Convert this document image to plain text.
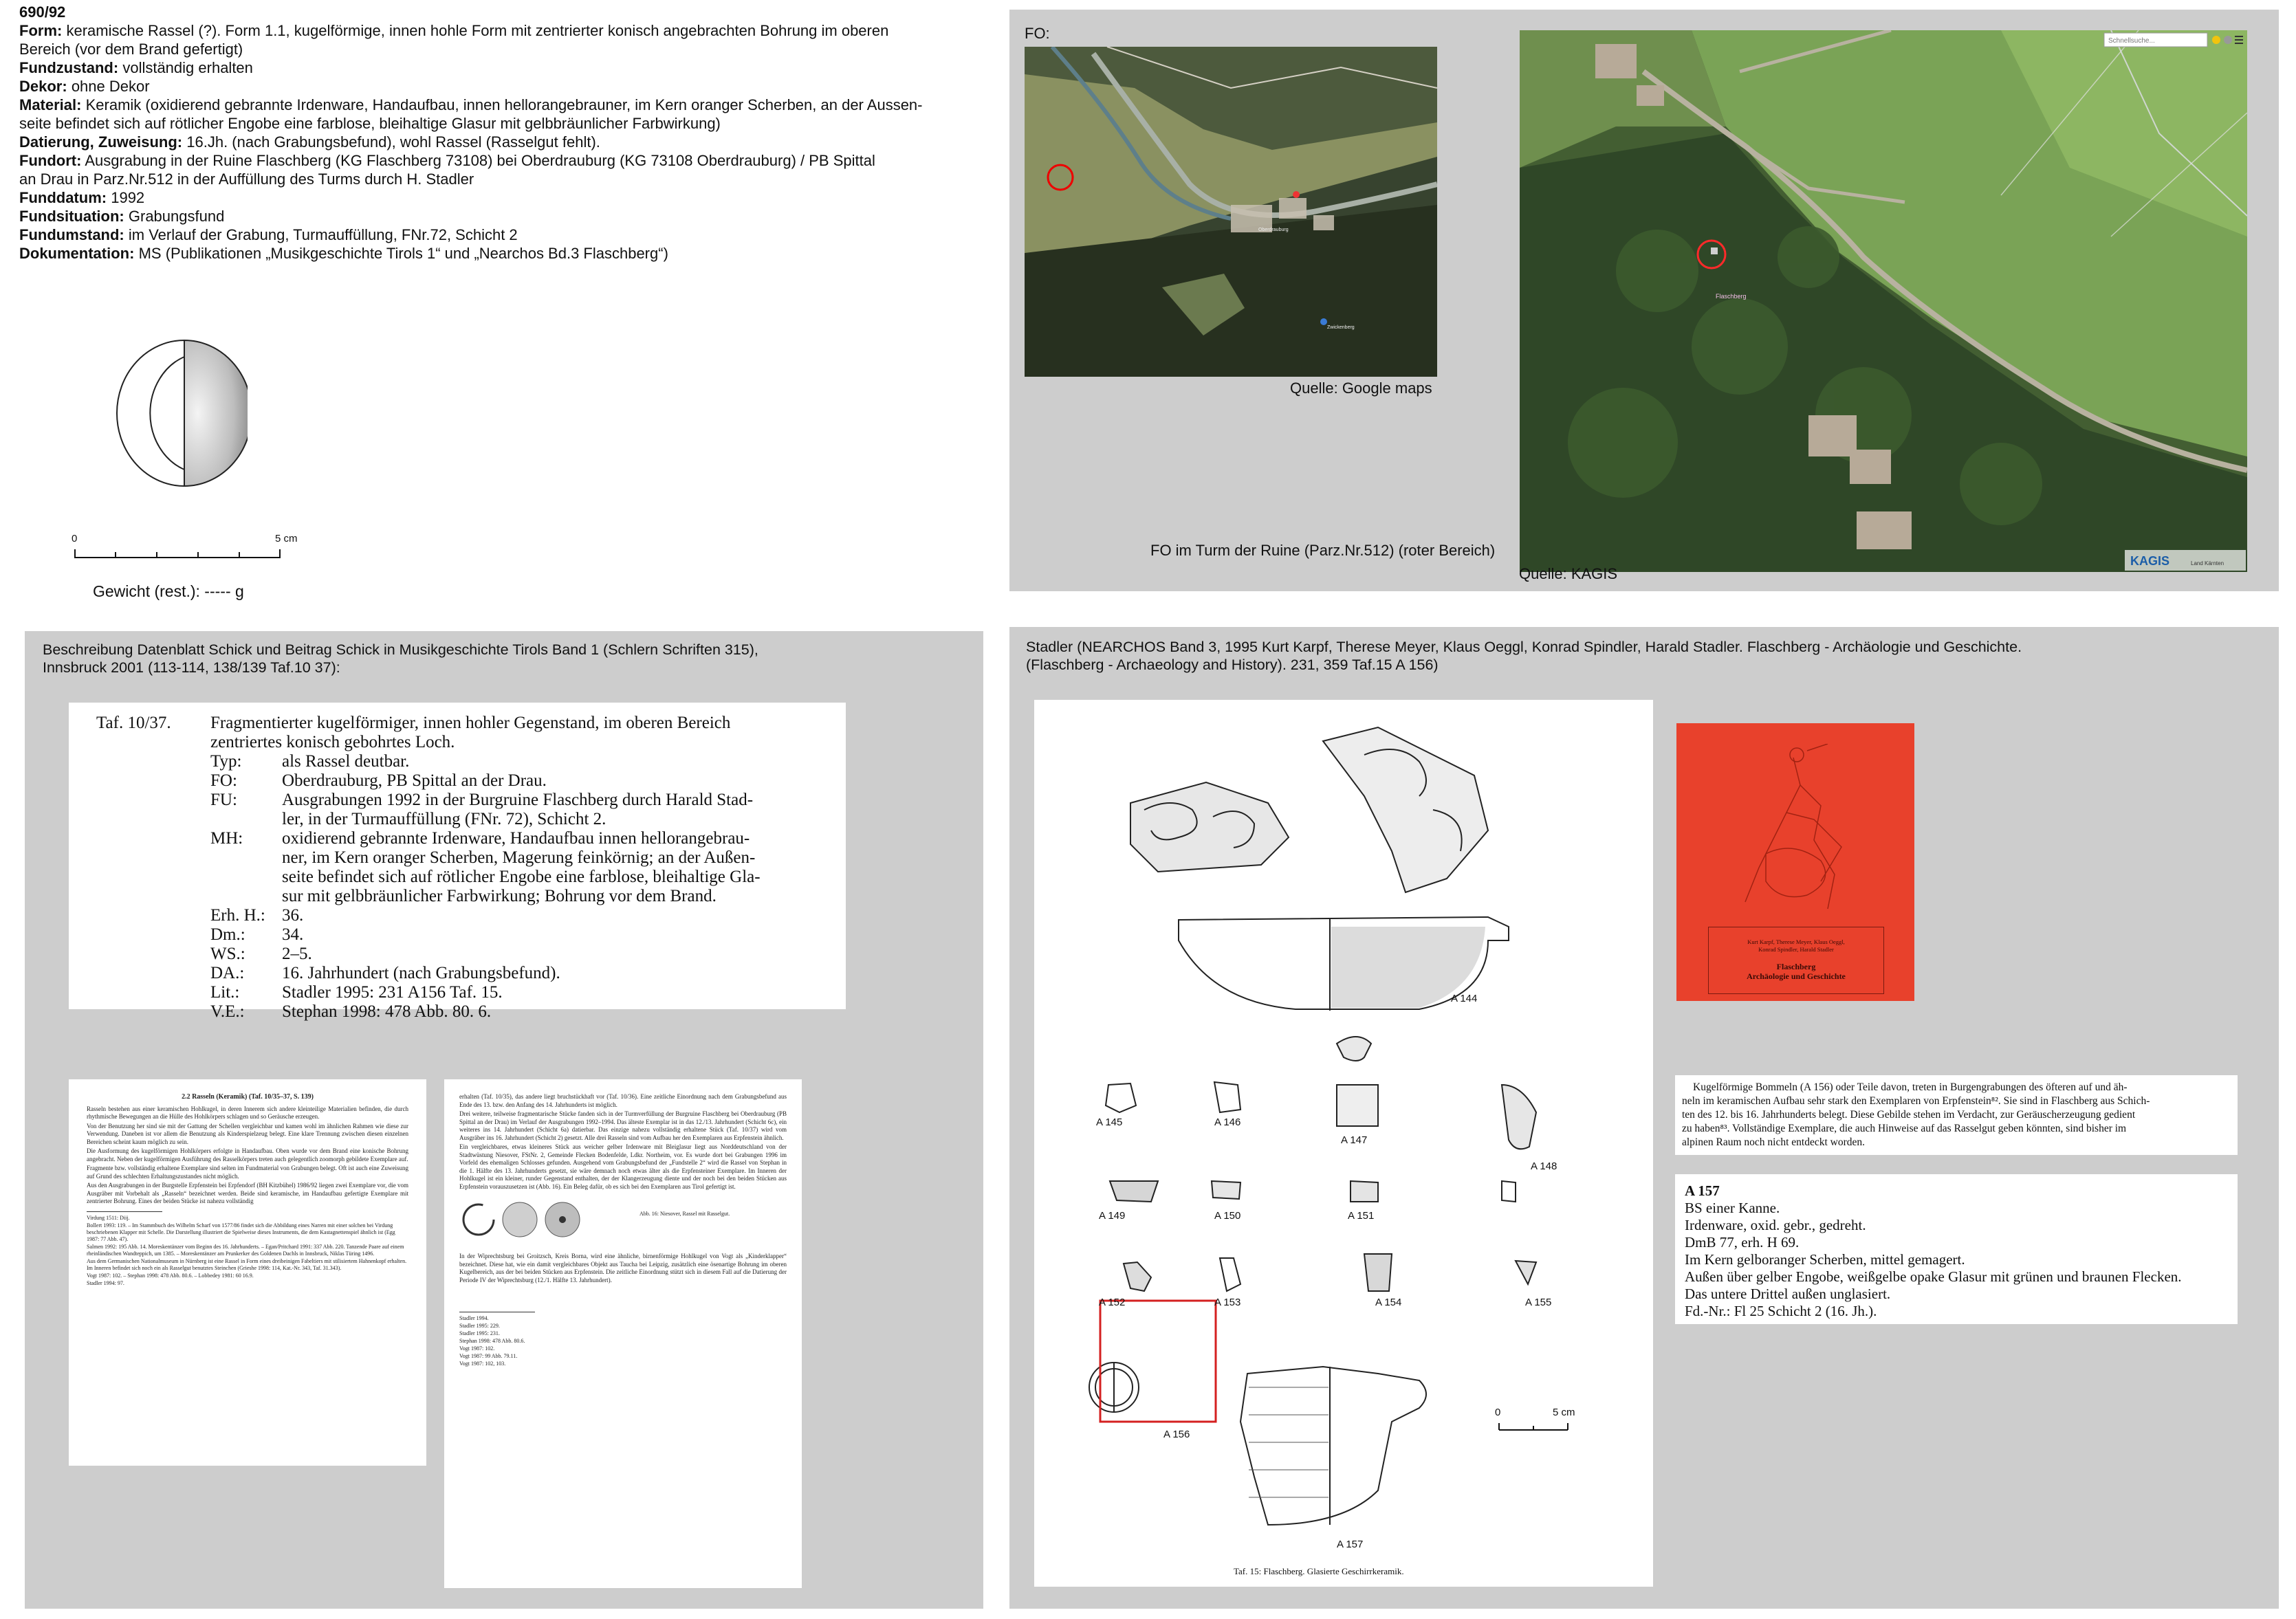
690/92
Form: keramische Rassel (?). Form 1.1, kugelförmige, innen hohle Form mit zentrierter konisch angebrachten Bohrung im oberen
Bereich (vor dem Brand gefertigt)
Fundzustand: vollständig erhalten
Dekor: ohne Dekor
Material: Keramik (oxidierend gebrannte Irdenware, Handaufbau, innen hellorangebrauner, im Kern oranger Scherben, an der Aussen-
seite befindet sich auf rötlicher Engobe eine farblose, bleihaltige Glasur mit gelbbräunlicher Farbwirkung)
Datierung, Zuweisung: 16.Jh. (nach Grabungsbefund), wohl Rassel (Rasselgut fehlt).
Fundort: Ausgrabung in der Ruine Flaschberg (KG Flaschberg 73108) bei Oberdrauburg (KG 73108 Oberdrauburg) / PB Spittal
an Drau in Parz.Nr.512 in der Auffüllung des Turms durch H. Stadler
Funddatum: 1992
Fundsituation: Grabungsfund
Fundumstand: im Verlauf der Grabung, Turmauffüllung, FNr.72, Schicht 2
Dokumentation: MS (Publikationen „Musikgeschichte Tirols 1“ und „Nearchos Bd.3 Flaschberg“)
0	5 cm
Gewicht (rest.): ----- g
FO:
Zwickenberg
Oberdrauburg
Quelle: Google maps
Flaschberg
Schnellsuche...
KAGIS	Land Kärnten
FO im Turm der Ruine (Parz.Nr.512) (roter Bereich)
Quelle: KAGIS
Beschreibung Datenblatt Schick und Beitrag Schick in Musikgeschichte Tirols Band 1 (Schlern Schriften 315),
Innsbruck 2001 (113-114, 138/139 Taf.10 37):
Taf. 10/37. Fragmentierter kugelförmiger, innen hohler Gegenstand, im oberen Bereich
zentriertes konisch gebohrtes Loch.
Typ:	als Rassel deutbar.
FO:	Oberdrauburg, PB Spittal an der Drau.
FU:	Ausgrabungen 1992 in der Burgruine Flaschberg durch Harald Stad-
ler, in der Turmauffüllung (FNr. 72), Schicht 2.
MH:	oxidierend gebrannte Irdenware, Handaufbau innen hellorangebrau-
ner, im Kern oranger Scherben, Magerung feinkörnig; an der Außen-
seite befindet sich auf rötlicher Engobe eine farblose, bleihaltige Gla-
sur mit gelbbräunlicher Farbwirkung; Bohrung vor dem Brand.
Erh. H.: 36.
Dm.:	34.
WS.:	2–5.
DA.:	16. Jahrhundert (nach Grabungsbefund).
Lit.:	Stadler 1995: 231 A156 Taf. 15.
V.E.:	Stephan 1998: 478 Abb. 80. 6.
2.2 Rasseln (Keramik) (Taf. 10/35–37, S. 139)

Rasseln bestehen aus einer keramischen Hohlkugel, in deren Innerem sich andere kleinteilige Materialien befinden, die durch rhythmische Bewegungen an die Hülle des Hohlkörpers schlagen und so Geräusche erzeugen.

Von der Benutzung her sind sie mit der Gattung der Schellen vergleichbar und kamen wohl im ähnlichen Rahmen wie diese zur Verwendung. Daneben ist vor allem die Benutzung als Kinderspielzeug belegt. Eine klare Trennung zwischen diesen einzelnen Bereichen scheint kaum möglich zu sein.

Die Ausformung des kugelförmigen Hohlkörpers erfolgte in Handaufbau. Oben wurde vor dem Brand eine konische Bohrung angebracht. Neben der kugelförmigen Ausführung des Rasselkörpers treten auch gelegentlich zoomorph gebildete Exemplare auf.

Fragmente bzw. vollständig erhaltene Exemplare sind selten im Fundmaterial von Grabungen belegt. Oft ist auch eine Zuweisung auf Grund des schlechten Erhaltungszustandes nicht möglich.

Aus den Ausgrabungen in der Burgstelle Erpfenstein bei Erpfendorf (BH Kitzbühel) 1986/92 liegen zwei Exemplare vor, die vom Ausgräber mit Vorbehalt als „Rasseln“ bezeichnet werden. Beide sind keramische, im Handaufbau gefertigte Exemplare mit zentrierter Bohrung. Eines der beiden Stücke ist nahezu vollständig

Virdung 1511: Diij.
Bollert 1993: 119. – Im Stammbuch des Wilhelm Scharf von 1577/86 findet sich die Abbildung eines Narren mit einer solchen bei Virdung beschriebenen Klapper mit Schelle. Die Darstellung illustriert die Spielweise dieses Instruments, die dem Kastagnettenspiel ähnlich ist (Egg 1987: 77 Abb. 47).
Salmen 1992: 195 Abb. 14. Moreskentänzer vom Beginn des 16. Jahrhunderts. – Egan/Pritchard 1991: 337 Abb. 220. Tanzende Paare auf einem rheinländischen Wandteppich, um 1385. – Moreskentänzer am Prunkerker des Goldenen Dachls in Innsbruck, Niklas Türing 1496.
Aus dem Germanischen Nationalmuseum in Nürnberg ist eine Rassel in Form eines dreibeinigen Fabeltiers mit stilisiertem Hahnenkopf erhalten. Im Inneren befindet sich noch ein als Rasselgut benutztes Steinchen (Grieshe 1998: 114, Kat.-Nr. 343, Taf. 31.343).
Vogt 1987: 102. – Stephan 1998: 478 Abb. 80.6. – Lobbedey 1981: 60 16.9.
Stadler 1994: 97.

erhalten (Taf. 10/35), das andere liegt bruchstückhaft vor (Taf. 10/36). Eine zeitliche Einordnung nach dem Grabungsbefund aus Ende des 13. bzw. den Anfang des 14. Jahrhunderts ist möglich.

Drei weitere, teilweise fragmentarische Stücke fanden sich in der Turmverfüllung der Burgruine Flaschberg bei Oberdrauburg (PB Spittal an der Drau) im Verlauf der Ausgrabungen 1992–1994. Das älteste Exemplar ist in das 12./13. Jahrhundert (Schicht 6c), ein weiteres ins 14. Jahrhundert (Schicht 6a) datierbar. Das einzige nahezu vollständig erhaltene Stück (Taf. 10/37) wird vom Ausgräber ins 16. Jahrhundert (Schicht 2) gesetzt. Alle drei Rasseln sind vom Aufbau her den Exemplaren aus Erpfenstein ähnlich.

Ein vergleichbares, etwas kleineres Stück aus weicher gelber Irdenware mit Bleiglasur liegt aus Norddeutschland von der Stadtwüstung Niesover, FStNr. 2, Gemeinde Flecken Bodenfelde, Ldkr. Northeim, vor. Es wurde dort bei Grabungen 1996 im Vorfeld des ehemaligen Schlosses gefunden. Ausgehend vom Grabungsbefund der „Fundstelle 2“ wird die Rassel von Stephan in die 1. Hälfte des 13. Jahrhunderts gesetzt, sie wäre demnach noch etwas älter als die Erpfensteiner Exemplare. Im Inneren der Hohlkugel ist ein kleiner, runder Gegenstand enthalten, der der Klangerzeugung diente und der noch bei den beiden Stücken aus Erpfenstein vorauszusetzen ist (Abb. 16). Ein Beleg dafür, ob es sich bei den Exemplaren aus Tirol gefertigt ist.

Abb. 16: Niesover, Rassel mit Rasselgut.

In der Wiprechtsburg bei Groitzsch, Kreis Borna, wird eine ähnliche, birnenförmige Hohlkugel von Vogt als „Kinderklapper“ bezeichnet. Diese hat, wie ein damit vergleichbares Objekt aus Taucha bei Leipzig, zusätzlich eine ösenartige Bohrung im oberen Kugelbereich, aus der bei beiden Stücken aus Erpfenstein. Die zeitliche Einordnung stützt sich in diesem Fall auf die Datierung der Periode IV der Wiprechtsburg (12./1. Hälfte 13. Jahrhundert).

Stadler 1994.
Stadler 1995: 229.
Stadler 1995: 231.
Stephan 1998: 478 Abb. 80.6.
Vogt 1987: 102.
Vogt 1987: 99 Abb. 79.11.
Vogt 1987: 102, 103.
Stadler (NEARCHOS Band 3, 1995 Kurt Karpf, Therese Meyer, Klaus Oeggl, Konrad Spindler, Harald Stadler. Flaschberg - Archäologie und Geschichte.
(Flaschberg - Archaeology and History). 231, 359 Taf.15 A 156)
A 144
A 145	A 146
A 147
A 148
A 149	A 150	A 151
A 152	A 153	A 154	A 155
A 156
A 157
0	5 cm
Taf. 15: Flaschberg. Glasierte Geschirrkeramik.
Kurt Karpf, Therese Meyer, Klaus Oeggl,
Konrad Spindler, Harald Stadler
Flaschberg
Archäologie und Geschichte
Kugelförmige Bommeln (A 156) oder Teile davon, treten in Burgengrabungen des öfteren auf und äh-
neln im keramischen Aufbau sehr stark den Exemplaren von Erpfenstein⁸². Sie sind in Flaschberg aus Schich-
ten des 12. bis 16. Jahrhunderts belegt. Diese Gebilde stehen im Verdacht, zur Geräuscherzeugung gedient
zu haben⁸³. Vollständige Exemplare, die auch Hinweise auf das Rasselgut geben könnten, sind bisher im
alpinen Raum noch nicht entdeckt worden.
A 157
BS einer Kanne.
Irdenware, oxid. gebr., gedreht.
DmB 77, erh. H 69.
Im Kern gelboranger Scherben, mittel gemagert.
Außen über gelber Engobe, weißgelbe opake Glasur mit grünen und braunen Flecken.
Das untere Drittel außen unglasiert.
Fd.-Nr.: Fl 25 Schicht 2 (16. Jh.).
